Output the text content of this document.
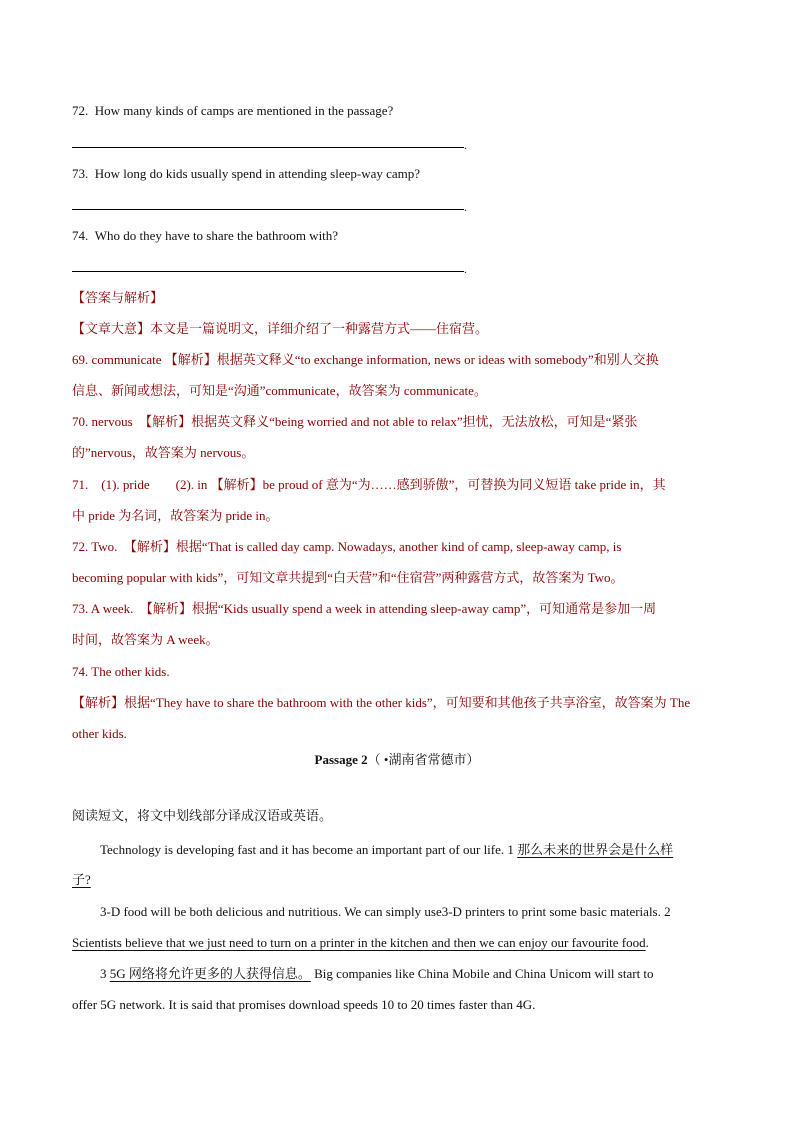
72. How many kinds of camps are mentioned in the passage?
.
73. How long do kids usually spend in attending sleep-way camp?
.
74. Who do they have to share the bathroom with?
.
【答案与解析】
【文章大意】本文是一篇说明文，详细介绍了一种露营方式——住宿营。
69. communicate 【解析】根据英文释义“to exchange information, news or ideas with somebody”和别人交换
信息、新闻或想法，可知是“沟通”communicate，故答案为 communicate。
70. nervous　【解析】根据英文释义“being worried and not able to relax”担忧，无法放松，可知是“紧张
的”nervous，故答案为 nervous。
71.　(1). pride　　(2). in 【解析】be proud of 意为“为……感到骄傲”，可替换为同义短语 take pride in，其
中 pride 为名词，故答案为 pride in。
72. Two.　【解析】根据“That is called day camp. Nowadays, another kind of camp, sleep-away camp, is
becoming popular with kids”，可知文章共提到“白天营”和“住宿营”两种露营方式，故答案为 Two。
73. A week.　【解析】根据“Kids usually spend a week in attending sleep-away camp”，可知通常是参加一周
时间，故答案为 A week。
74. The other kids.
【解析】根据“They have to share the bathroom with the other kids”，可知要和其他孩子共享浴室，故答案为 The
other kids.
Passage 2（ •湖南省常德市）
阅读短文，将文中划线部分译成汉语或英语。
Technology is developing fast and it has become an important part of our life. 1 那么未来的世界会是什么样
子?
3-D food will be both delicious and nutritious. We can simply use3-D printers to print some basic materials. 2
Scientists believe that we just need to turn on a printer in the kitchen and then we can enjoy our favourite food.
3 5G 网络将允许更多的人获得信息。 Big companies like China Mobile and China Unicom will start to
offer 5G network. It is said that promises download speeds 10 to 20 times faster than 4G.
